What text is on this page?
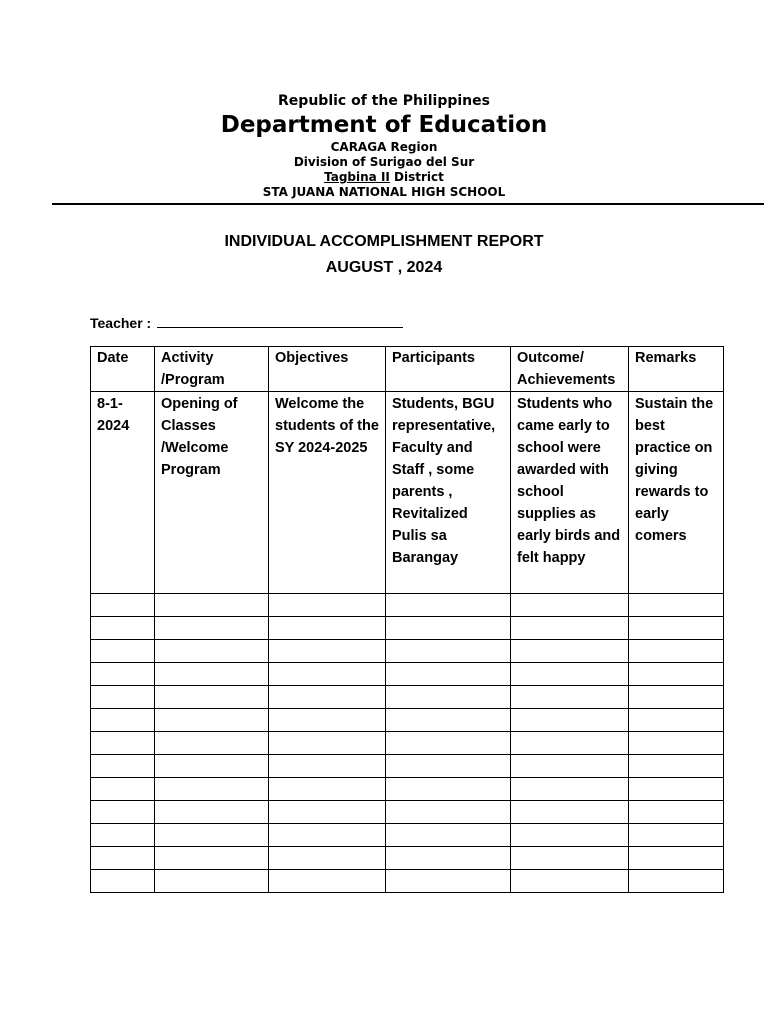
Republic of the Philippines
Department of Education
CARAGA Region
Division of Surigao del Sur
Tagbina II District
STA JUANA NATIONAL HIGH SCHOOL
INDIVIDUAL ACCOMPLISHMENT REPORT
AUGUST , 2024
Teacher :
Date	Activity /Program	Objectives	Participants	Outcome/ Achievements	Remarks
8-1-2024	Opening of Classes /Welcome Program	Welcome the students of the SY 2024-2025	Students, BGU representative, Faculty and Staff , some parents , Revitalized Pulis sa Barangay	Students who came early to school were awarded with school supplies as early birds and felt happy	Sustain the best practice on giving rewards to early comers
